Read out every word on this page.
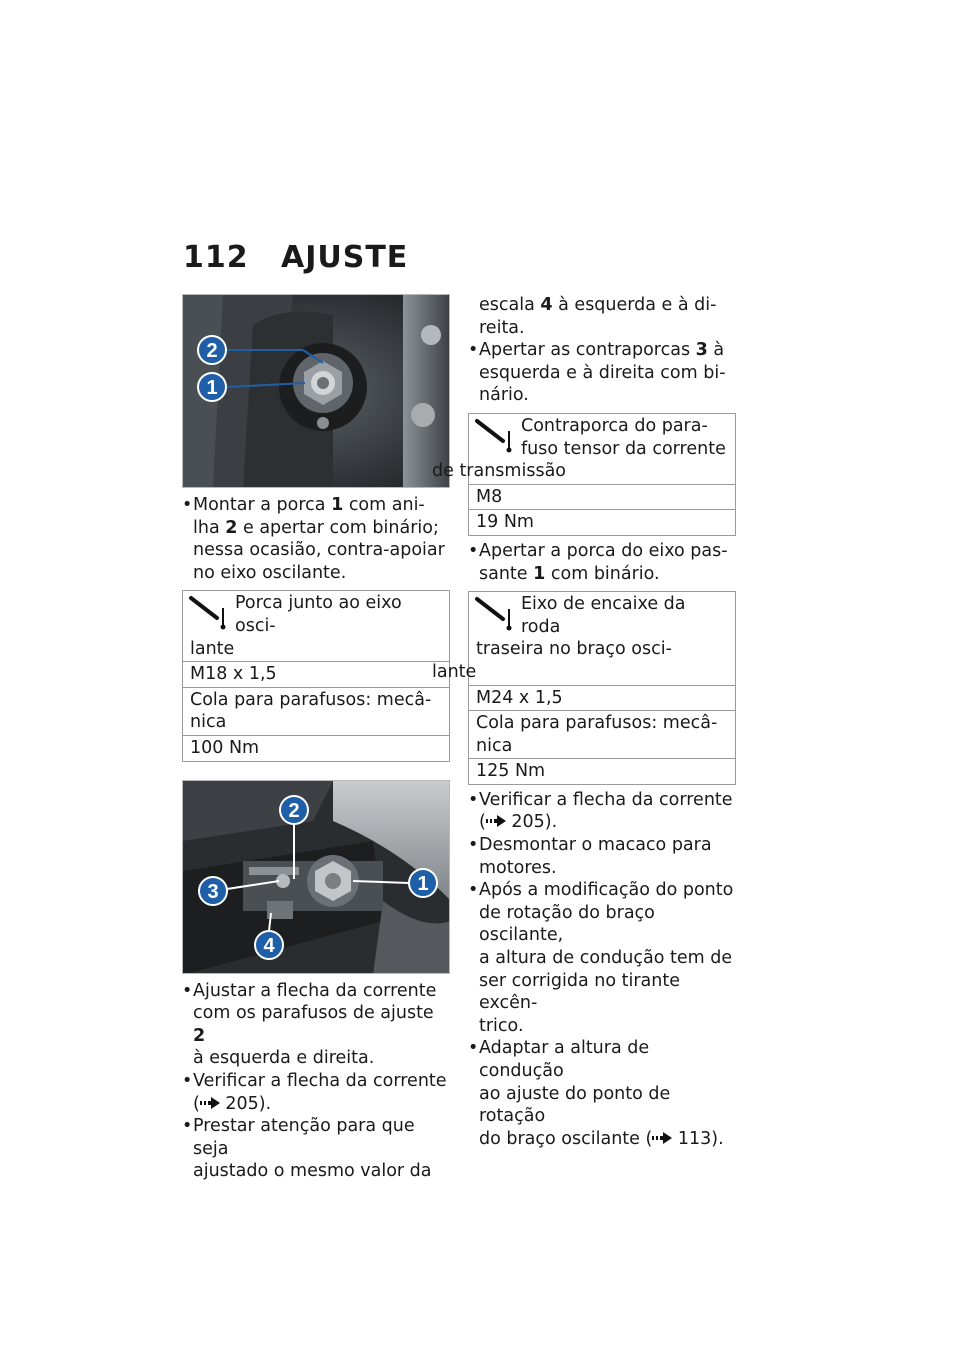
112 AJUSTE
2
1
• Montar a porca 1 com ani-
lha 2 e apertar com binário;
nessa ocasião, contra-apoiar
no eixo oscilante.
Porca junto ao eixo osci-
lante

M18 x 1,5
Cola para parafusos: mecâ-
nica
100 Nm
2
3	1
4
• Ajustar a flecha da corrente
com os parafusos de ajuste 2
à esquerda e direita.
• Verificar a flecha da corrente
( 205).
• Prestar atenção para que seja
ajustado o mesmo valor da
escala 4 à esquerda e à di-
reita.
• Apertar as contraporcas 3 à
esquerda e à direita com bi-
nário.
Contraporca do para-
fuso tensor da corrente
de transmissão

M8
19 Nm
• Apertar a porca do eixo pas-
sante 1 com binário.
Eixo de encaixe da roda
traseira no braço osci-
lante

M24 x 1,5
Cola para parafusos: mecâ-
nica
125 Nm
• Verificar a flecha da corrente
( 205).
• Desmontar o macaco para
motores.
• Após a modificação do ponto
de rotação do braço oscilante,
a altura de condução tem de
ser corrigida no tirante excên-
trico.
• Adaptar a altura de condução
ao ajuste do ponto de rotação
do braço oscilante ( 113).
